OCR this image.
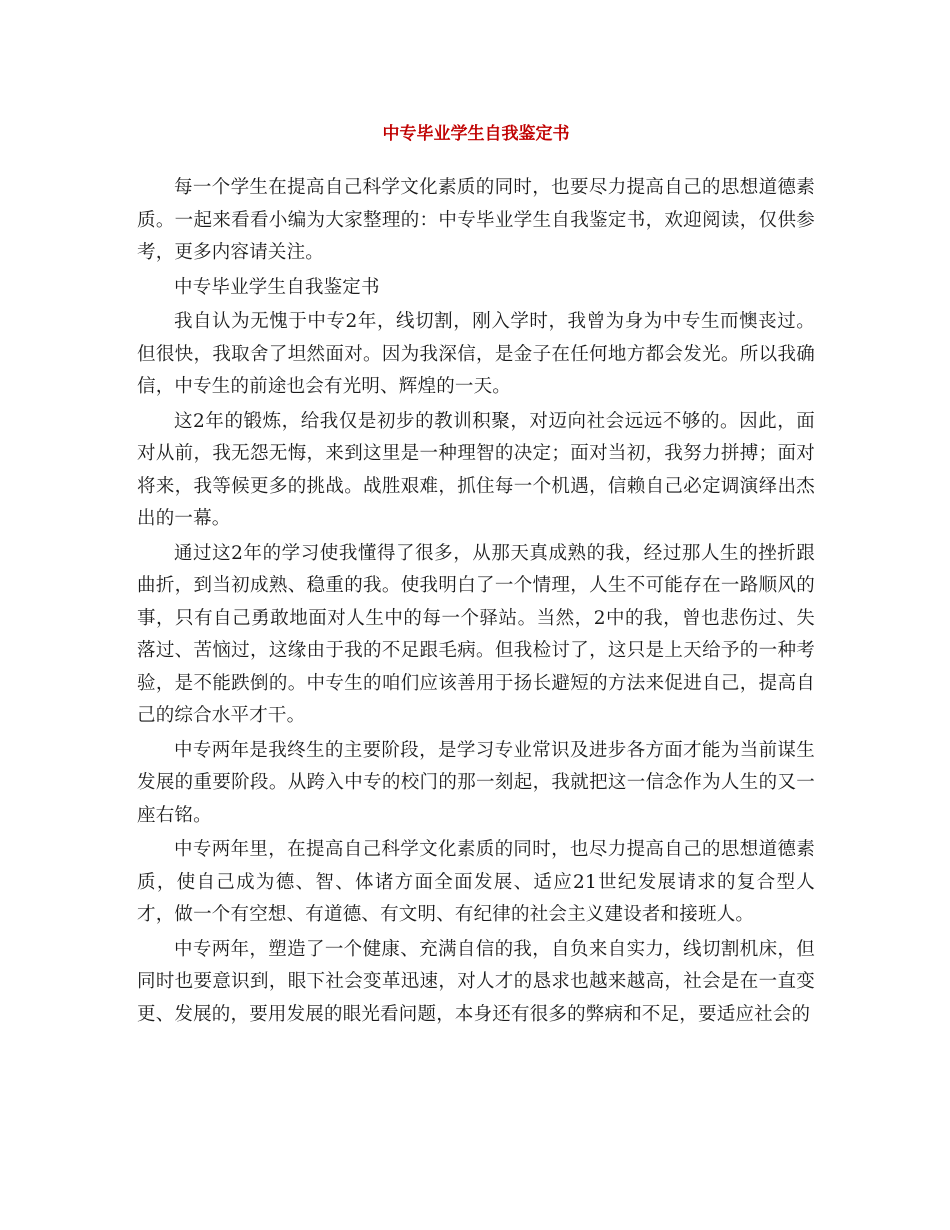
中专毕业学生自我鉴定书

每一个学生在提高自己科学文化素质的同时，也要尽力提高自己的思想道德素质。一起来看看小编为大家整理的：中专毕业学生自我鉴定书，欢迎阅读，仅供参考，更多内容请关注。

中专毕业学生自我鉴定书

我自认为无愧于中专2年，线切割，刚入学时，我曾为身为中专生而懊丧过。但很快，我取舍了坦然面对。因为我深信，是金子在任何地方都会发光。所以我确信，中专生的前途也会有光明、辉煌的一天。

这2年的锻炼，给我仅是初步的教训积聚，对迈向社会远远不够的。因此，面对从前，我无怨无悔，来到这里是一种理智的决定；面对当初，我努力拼搏；面对将来，我等候更多的挑战。战胜艰难，抓住每一个机遇，信赖自己必定调演绎出杰出的一幕。

通过这2年的学习使我懂得了很多，从那天真成熟的我，经过那人生的挫折跟曲折，到当初成熟、稳重的我。使我明白了一个情理，人生不可能存在一路顺风的事，只有自己勇敢地面对人生中的每一个驿站。当然，2中的我，曾也悲伤过、失落过、苦恼过，这缘由于我的不足跟毛病。但我检讨了，这只是上天给予的一种考验，是不能跌倒的。中专生的咱们应该善用于扬长避短的方法来促进自己，提高自己的综合水平才干。

中专两年是我终生的主要阶段，是学习专业常识及进步各方面才能为当前谋生发展的重要阶段。从跨入中专的校门的那一刻起，我就把这一信念作为人生的又一座右铭。

中专两年里，在提高自己科学文化素质的同时，也尽力提高自己的思想道德素质，使自己成为德、智、体诸方面全面发展、适应21世纪发展请求的复合型人才，做一个有空想、有道德、有文明、有纪律的社会主义建设者和接班人。

中专两年，塑造了一个健康、充满自信的我，自负来自实力，线切割机床，但同时也要意识到，眼下社会变革迅速，对人才的恳求也越来越高，社会是在一直变更、发展的，要用发展的眼光看问题，本身还有很多的弊病和不足，要适应社会的
